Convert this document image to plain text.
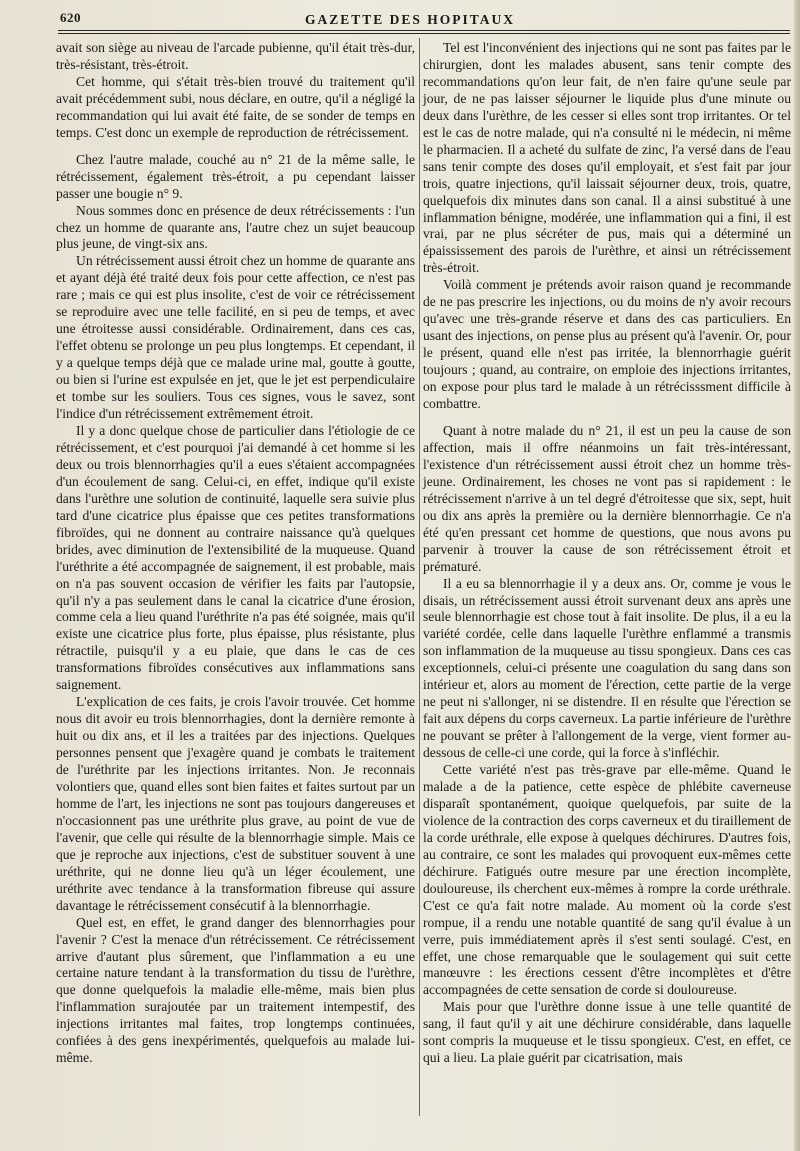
620	GAZETTE DES HOPITAUX

avait son siège au niveau de l'arcade pubienne, qu'il était très-dur, très-résistant, très-étroit.

Cet homme, qui s'était très-bien trouvé du traitement qu'il avait précédemment subi, nous déclare, en outre, qu'il a négligé la recommandation qui lui avait été faite, de se sonder de temps en temps. C'est donc un exemple de reproduction de rétrécissement.

Chez l'autre malade, couché au n° 21 de la même salle, le rétrécissement, également très-étroit, a pu cependant laisser passer une bougie n° 9.

Nous sommes donc en présence de deux rétrécissements : l'un chez un homme de quarante ans, l'autre chez un sujet beaucoup plus jeune, de vingt-six ans.

Un rétrécissement aussi étroit chez un homme de quarante ans et ayant déjà été traité deux fois pour cette affection, ce n'est pas rare ; mais ce qui est plus insolite, c'est de voir ce rétrécissement se reproduire avec une telle facilité, en si peu de temps, et avec une étroitesse aussi considérable. Ordinairement, dans ces cas, l'effet obtenu se prolonge un peu plus longtemps. Et cependant, il y a quelque temps déjà que ce malade urine mal, goutte à goutte, ou bien si l'urine est expulsée en jet, que le jet est perpendiculaire et tombe sur les souliers. Tous ces signes, vous le savez, sont l'indice d'un rétrécissement extrêmement étroit.

Il y a donc quelque chose de particulier dans l'étiologie de ce rétrécissement, et c'est pourquoi j'ai demandé à cet homme si les deux ou trois blennorrhagies qu'il a eues s'étaient accompagnées d'un écoulement de sang. Celui-ci, en effet, indique qu'il existe dans l'urèthre une solution de continuité, laquelle sera suivie plus tard d'une cicatrice plus épaisse que ces petites transformations fibroïdes, qui ne donnent au contraire naissance qu'à quelques brides, avec diminution de l'extensibilité de la muqueuse. Quand l'uréthrite a été accompagnée de saignement, il est probable, mais on n'a pas souvent occasion de vérifier les faits par l'autopsie, qu'il n'y a pas seulement dans le canal la cicatrice d'une érosion, comme cela a lieu quand l'uréthrite n'a pas été soignée, mais qu'il existe une cicatrice plus forte, plus épaisse, plus résistante, plus rétractile, puisqu'il y a eu plaie, que dans le cas de ces transformations fibroïdes consécutives aux inflammations sans saignement.

L'explication de ces faits, je crois l'avoir trouvée. Cet homme nous dit avoir eu trois blennorrhagies, dont la dernière remonte à huit ou dix ans, et il les a traitées par des injections. Quelques personnes pensent que j'exagère quand je combats le traitement de l'uréthrite par les injections irritantes. Non. Je reconnais volontiers que, quand elles sont bien faites et faites surtout par un homme de l'art, les injections ne sont pas toujours dangereuses et n'occasionnent pas une uréthrite plus grave, au point de vue de l'avenir, que celle qui résulte de la blennorrhagie simple. Mais ce que je reproche aux injections, c'est de substituer souvent à une uréthrite, qui ne donne lieu qu'à un léger écoulement, une uréthrite avec tendance à la transformation fibreuse qui assure davantage le rétrécissement consécutif à la blennorrhagie.

Quel est, en effet, le grand danger des blennorrhagies pour l'avenir ? C'est la menace d'un rétrécissement. Ce rétrécissement arrive d'autant plus sûrement, que l'inflammation a eu une certaine nature tendant à la transformation du tissu de l'urèthre, que donne quelquefois la maladie elle-même, mais bien plus l'inflammation surajoutée par un traitement intempestif, des injections irritantes mal faites, trop longtemps continuées, confiées à des gens inexpérimentés, quelquefois au malade lui-même.

Tel est l'inconvénient des injections qui ne sont pas faites par le chirurgien, dont les malades abusent, sans tenir compte des recommandations qu'on leur fait, de n'en faire qu'une seule par jour, de ne pas laisser séjourner le liquide plus d'une minute ou deux dans l'urèthre, de les cesser si elles sont trop irritantes. Or tel est le cas de notre malade, qui n'a consulté ni le médecin, ni même le pharmacien. Il a acheté du sulfate de zinc, l'a versé dans de l'eau sans tenir compte des doses qu'il employait, et s'est fait par jour trois, quatre injections, qu'il laissait séjourner deux, trois, quatre, quelquefois dix minutes dans son canal. Il a ainsi substitué à une inflammation bénigne, modérée, une inflammation qui a fini, il est vrai, par ne plus sécréter de pus, mais qui a déterminé un épaississement des parois de l'urèthre, et ainsi un rétrécissement très-étroit.

Voilà comment je prétends avoir raison quand je recommande de ne pas prescrire les injections, ou du moins de n'y avoir recours qu'avec une très-grande réserve et dans des cas particuliers. En usant des injections, on pense plus au présent qu'à l'avenir. Or, pour le présent, quand elle n'est pas irritée, la blennorrhagie guérit toujours ; quand, au contraire, on emploie des injections irritantes, on expose pour plus tard le malade à un rétrécisssment difficile à combattre.

Quant à notre malade du n° 21, il est un peu la cause de son affection, mais il offre néanmoins un fait très-intéressant, l'existence d'un rétrécissement aussi étroit chez un homme très-jeune. Ordinairement, les choses ne vont pas si rapidement : le rétrécissement n'arrive à un tel degré d'étroitesse que six, sept, huit ou dix ans après la première ou la dernière blennorrhagie. Ce n'a été qu'en pressant cet homme de questions, que nous avons pu parvenir à trouver la cause de son rétrécissement étroit et prématuré.

Il a eu sa blennorrhagie il y a deux ans. Or, comme je vous le disais, un rétrécissement aussi étroit survenant deux ans après une seule blennorrhagie est chose tout à fait insolite. De plus, il a eu la variété cordée, celle dans laquelle l'urèthre enflammé a transmis son inflammation de la muqueuse au tissu spongieux. Dans ces cas exceptionnels, celui-ci présente une coagulation du sang dans son intérieur et, alors au moment de l'érection, cette partie de la verge ne peut ni s'allonger, ni se distendre. Il en résulte que l'érection se fait aux dépens du corps caverneux. La partie inférieure de l'urèthre ne pouvant se prêter à l'allongement de la verge, vient former au-dessous de celle-ci une corde, qui la force à s'infléchir.

Cette variété n'est pas très-grave par elle-même. Quand le malade a de la patience, cette espèce de phlébite caverneuse disparaît spontanément, quoique quelquefois, par suite de la violence de la contraction des corps caverneux et du tiraillement de la corde uréthrale, elle expose à quelques déchirures. D'autres fois, au contraire, ce sont les malades qui provoquent eux-mêmes cette déchirure. Fatigués outre mesure par une érection incomplète, douloureuse, ils cherchent eux-mêmes à rompre la corde uréthrale. C'est ce qu'a fait notre malade. Au moment où la corde s'est rompue, il a rendu une notable quantité de sang qu'il évalue à un verre, puis immédiatement après il s'est senti soulagé. C'est, en effet, une chose remarquable que le soulagement qui suit cette manœuvre : les érections cessent d'être incomplètes et d'être accompagnées de cette sensation de corde si douloureuse.

Mais pour que l'urèthre donne issue à une telle quantité de sang, il faut qu'il y ait une déchirure considérable, dans laquelle sont compris la muqueuse et le tissu spongieux. C'est, en effet, ce qui a lieu. La plaie guérit par cicatrisation, mais
